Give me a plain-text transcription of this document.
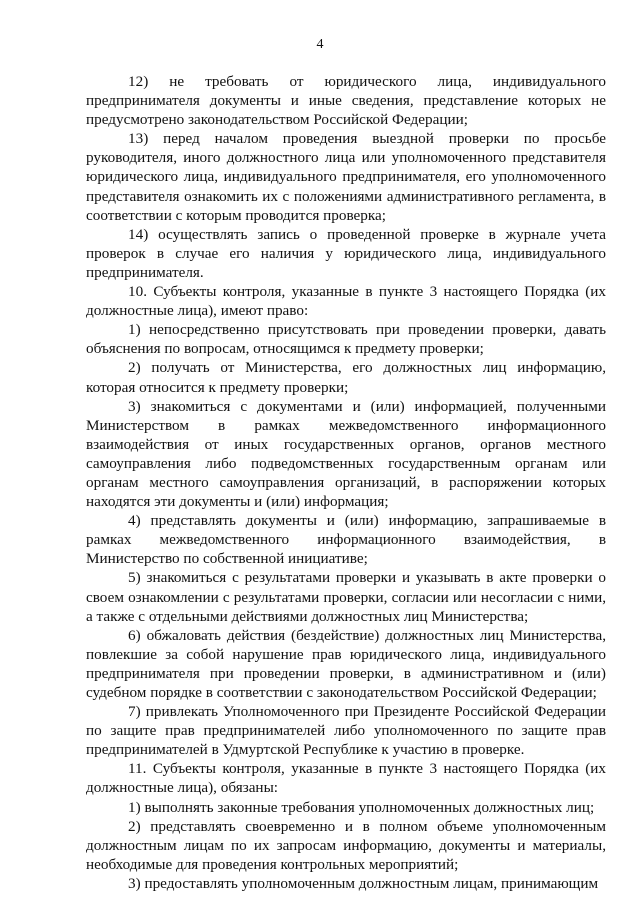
4

12) не требовать от юридического лица, индивидуального предпринимателя документы и иные сведения, представление которых не предусмотрено законодательством Российской Федерации;

13) перед началом проведения выездной проверки по просьбе руководителя, иного должностного лица или уполномоченного представителя юридического лица, индивидуального предпринимателя, его уполномоченного представителя ознакомить их с положениями административного регламента, в соответствии с которым проводится проверка;

14) осуществлять запись о проведенной проверке в журнале учета проверок в случае его наличия у юридического лица, индивидуального предпринимателя.

10. Субъекты контроля, указанные в пункте 3 настоящего Порядка (их должностные лица), имеют право:

1) непосредственно присутствовать при проведении проверки, давать объяснения по вопросам, относящимся к предмету проверки;

2) получать от Министерства, его должностных лиц информацию, которая относится к предмету проверки;

3) знакомиться с документами и (или) информацией, полученными Министерством в рамках межведомственного информационного взаимодействия от иных государственных органов, органов местного самоуправления либо подведомственных государственным органам или органам местного самоуправления организаций, в распоряжении которых находятся эти документы и (или) информация;

4) представлять документы и (или) информацию, запрашиваемые в рамках межведомственного информационного взаимодействия, в Министерство по собственной инициативе;

5) знакомиться с результатами проверки и указывать в акте проверки о своем ознакомлении с результатами проверки, согласии или несогласии с ними, а также с отдельными действиями должностных лиц Министерства;

6) обжаловать действия (бездействие) должностных лиц Министерства, повлекшие за собой нарушение прав юридического лица, индивидуального предпринимателя при проведении проверки, в административном и (или) судебном порядке в соответствии с законодательством Российской Федерации;

7) привлекать Уполномоченного при Президенте Российской Федерации по защите прав предпринимателей либо уполномоченного по защите прав предпринимателей в Удмуртской Республике к участию в проверке.

11. Субъекты контроля, указанные в пункте 3 настоящего Порядка (их должностные лица), обязаны:

1) выполнять законные требования уполномоченных должностных лиц;

2) представлять своевременно и в полном объеме уполномоченным должностным лицам по их запросам информацию, документы и материалы, необходимые для проведения контрольных мероприятий;

3) предоставлять уполномоченным должностным лицам, принимающим
